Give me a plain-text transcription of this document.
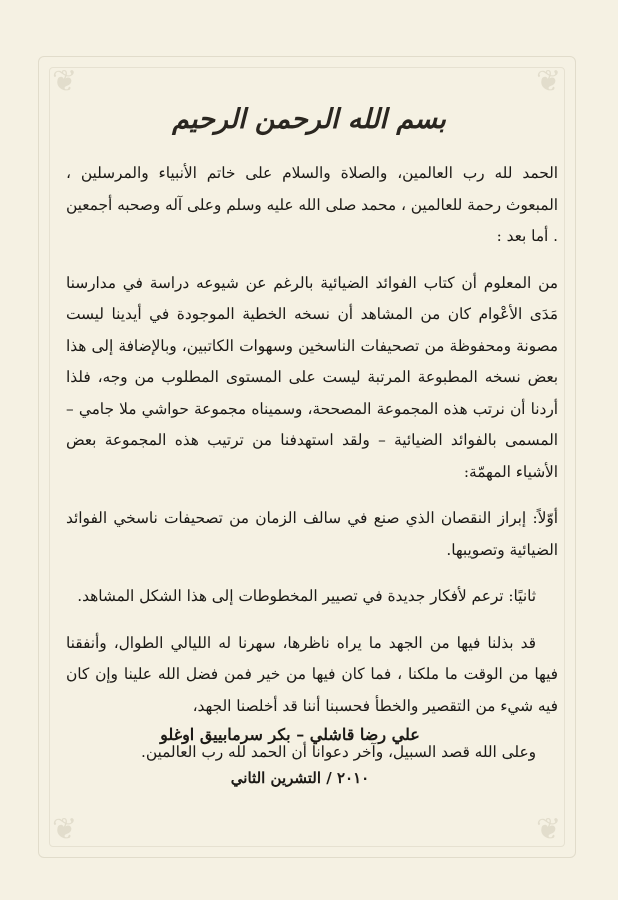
❦	❦
❦	❦
بسم الله الرحمن الرحيم

الحمد لله رب العالمين، والصلاة والسلام على خاتم الأنبياء والمرسلين ، المبعوث رحمة للعالمين ، محمد صلى الله عليه وسلم وعلى آله وصحبه أجمعين . أما بعد :

من المعلوم أن كتاب الفوائد الضيائية بالرغم عن شيوعه دراسة في مدارسنا مَدَى الأعْوام كان من المشاهد أن نسخه الخطية الموجودة في أيدينا ليست مصونة ومحفوظة من تصحيفات الناسخين وسهوات الكاتبين، وبالإضافة إلى هذا بعض نسخه المطبوعة المرتبة ليست على المستوى المطلوب من وجه، فلذا أردنا أن نرتب هذه المجموعة المصححة، وسميناه مجموعة حواشي ملا جامي – المسمى بالفوائد الضيائية – ولقد استهدفنا من ترتيب هذه المجموعة بعض الأشياء المهمّة:

أوّلاً: إبراز النقصان الذي صنع في سالف الزمان من تصحيفات ناسخي الفوائد الضيائية وتصويبها.

ثانيًا: ترعم لأفكار جديدة في تصيير المخطوطات إلى هذا الشكل المشاهد.

قد بذلنا فيها من الجهد ما يراه ناظرها، سهرنا له الليالي الطوال، وأنفقنا فيها من الوقت ما ملكنا ، فما كان فيها من خير فمن فضل الله علينا وإن كان فيه شيء من التقصير والخطأ فحسبنا أننا قد أخلصنا الجهد،

وعلى الله قصد السبيل، وآخر دعوانا أن الحمد لله رب العالمين.

علي رضا قاشلي – بكر سرمابييق اوغلو
٢٠١٠ / التشرين الثاني
